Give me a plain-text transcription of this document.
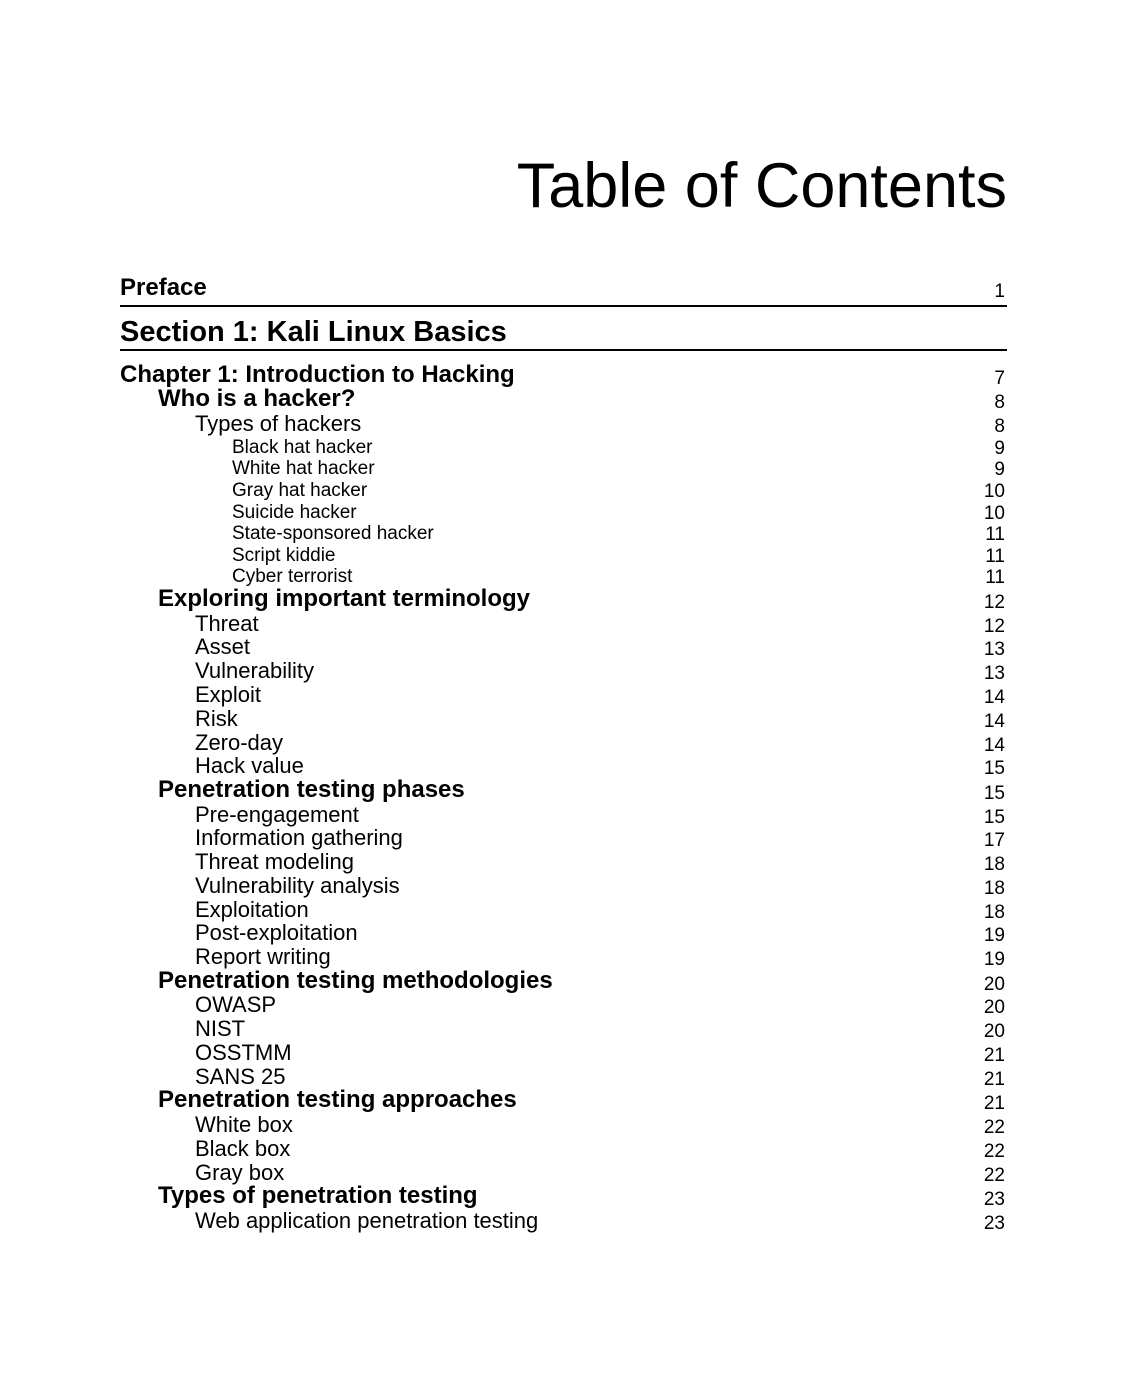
Table of Contents
Preface	1
Section 1: Kali Linux Basics
Chapter 1: Introduction to Hacking	7
Who is a hacker?	8
Types of hackers	8
Black hat hacker	9
White hat hacker	9
Gray hat hacker	10
Suicide hacker	10
State-sponsored hacker	11
Script kiddie	11
Cyber terrorist	11
Exploring important terminology	12
Threat	12
Asset	13
Vulnerability	13
Exploit	14
Risk	14
Zero-day	14
Hack value	15
Penetration testing phases	15
Pre-engagement	15
Information gathering	17
Threat modeling	18
Vulnerability analysis	18
Exploitation	18
Post-exploitation	19
Report writing	19
Penetration testing methodologies	20
OWASP	20
NIST	20
OSSTMM	21
SANS 25	21
Penetration testing approaches	21
White box	22
Black box	22
Gray box	22
Types of penetration testing	23
Web application penetration testing	23
